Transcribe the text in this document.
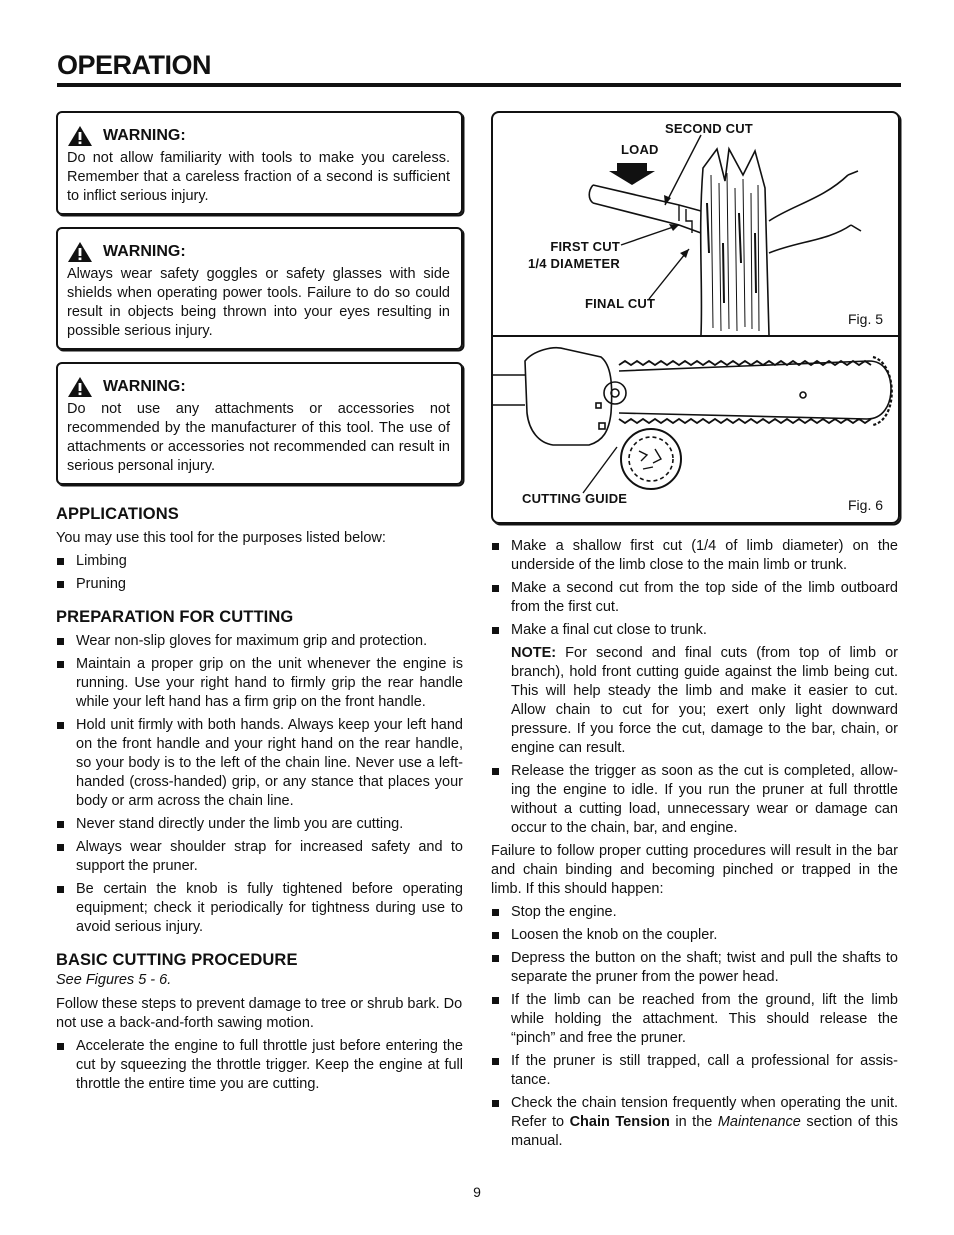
OPERATION
WARNING:

Do not allow familiarity with tools to make you careless. Remember that a careless fraction of a second is sufficient to inflict serious injury.

WARNING:

Always wear safety goggles or safety glasses with side shields when operating power tools. Failure to do so could result in objects being thrown into your eyes resulting in possible serious injury.

WARNING:

Do not use any attachments or accessories not recommended by the manufacturer of this tool. The use of attachments or accessories not recommended can result in serious personal injury.

APPLICATIONS

You may use this tool for the purposes listed below:

Limbing
Pruning
PREPARATION FOR CUTTING
Wear non-slip gloves for maximum grip and protection.
Maintain a proper grip on the unit whenever the engine is running. Use your right hand to firmly grip the rear handle while your left hand has a firm grip on the front handle.
Hold unit firmly with both hands. Always keep your left hand on the front handle and your right hand on the rear handle, so your body is to the left of the chain line. Never use a left-handed (cross-handed) grip, or any stance that places your body or arm across the chain line.
Never stand directly under the limb you are cutting.
Always wear shoulder strap for increased safety and to support the pruner.
Be certain the knob is fully tightened before operating equipment; check it periodically for tightness during use to avoid serious injury.
BASIC CUTTING PROCEDURE

See Figures 5 - 6.

Follow these steps to prevent damage to tree or shrub bark. Do not use a back-and-forth sawing motion.

Accelerate the engine to full throttle just before entering the cut by squeezing the throttle trigger. Keep the engine at full throttle the entire time you are cutting.
SECOND CUT
LOAD
FIRST CUT
1/4 DIAMETER
FINAL CUT
Fig. 5
CUTTING GUIDE	Fig. 6
Make a shallow first cut (1/4 of limb diameter) on the underside of the limb close to the main limb or trunk.
Make a second cut from the top side of the limb outboard from the first cut.
Make a final cut close to trunk.

NOTE: For second and final cuts (from top of limb or branch), hold front cutting guide against the limb being cut. This will help steady the limb and make it easier to cut. Allow chain to cut for you; exert only light downward pressure. If you force the cut, damage to the bar, chain, or engine can result.

Release the trigger as soon as the cut is completed, allow-ing the engine to idle. If you run the pruner at full throttle without a cutting load, unnecessary wear or damage can occur to the chain, bar, and engine.

Failure to follow proper cutting procedures will result in the bar and chain binding and becoming pinched or trapped in the limb. If this should happen:

Stop the engine.
Loosen the knob on the coupler.
Depress the button on the shaft; twist and pull the shafts to separate the pruner from the power head.
If the limb can be reached from the ground, lift the limb while holding the attachment. This should release the “pinch” and free the pruner.
If the pruner is still trapped, call a professional for assis-tance.
Check the chain tension frequently when operating the unit. Refer to Chain Tension in the Maintenance section of this manual.
9
